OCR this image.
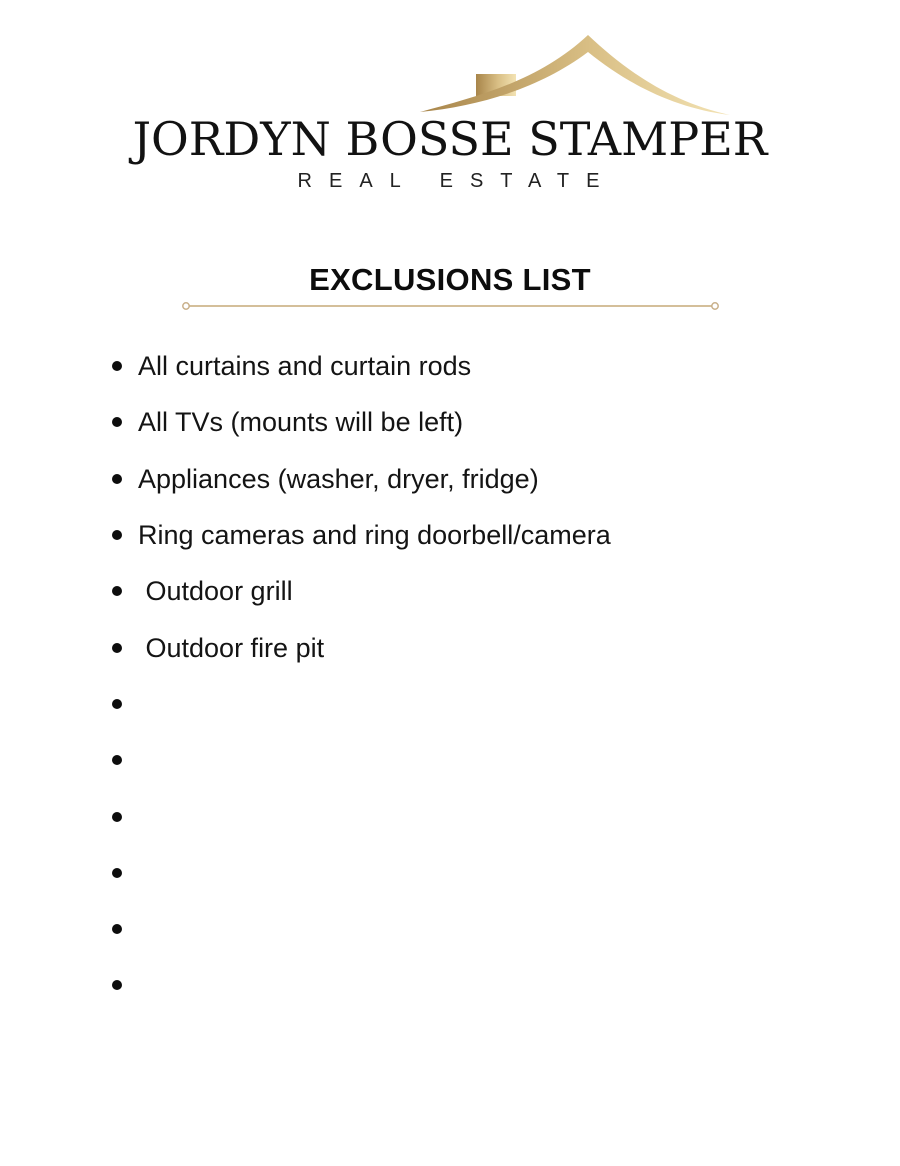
JORDYN BOSSE STAMPER
REAL ESTATE
EXCLUSIONS LIST
All curtains and curtain rods
All TVs (mounts will be left)
Appliances (washer, dryer, fridge)
Ring cameras and ring doorbell/camera
Outdoor grill
Outdoor fire pit
